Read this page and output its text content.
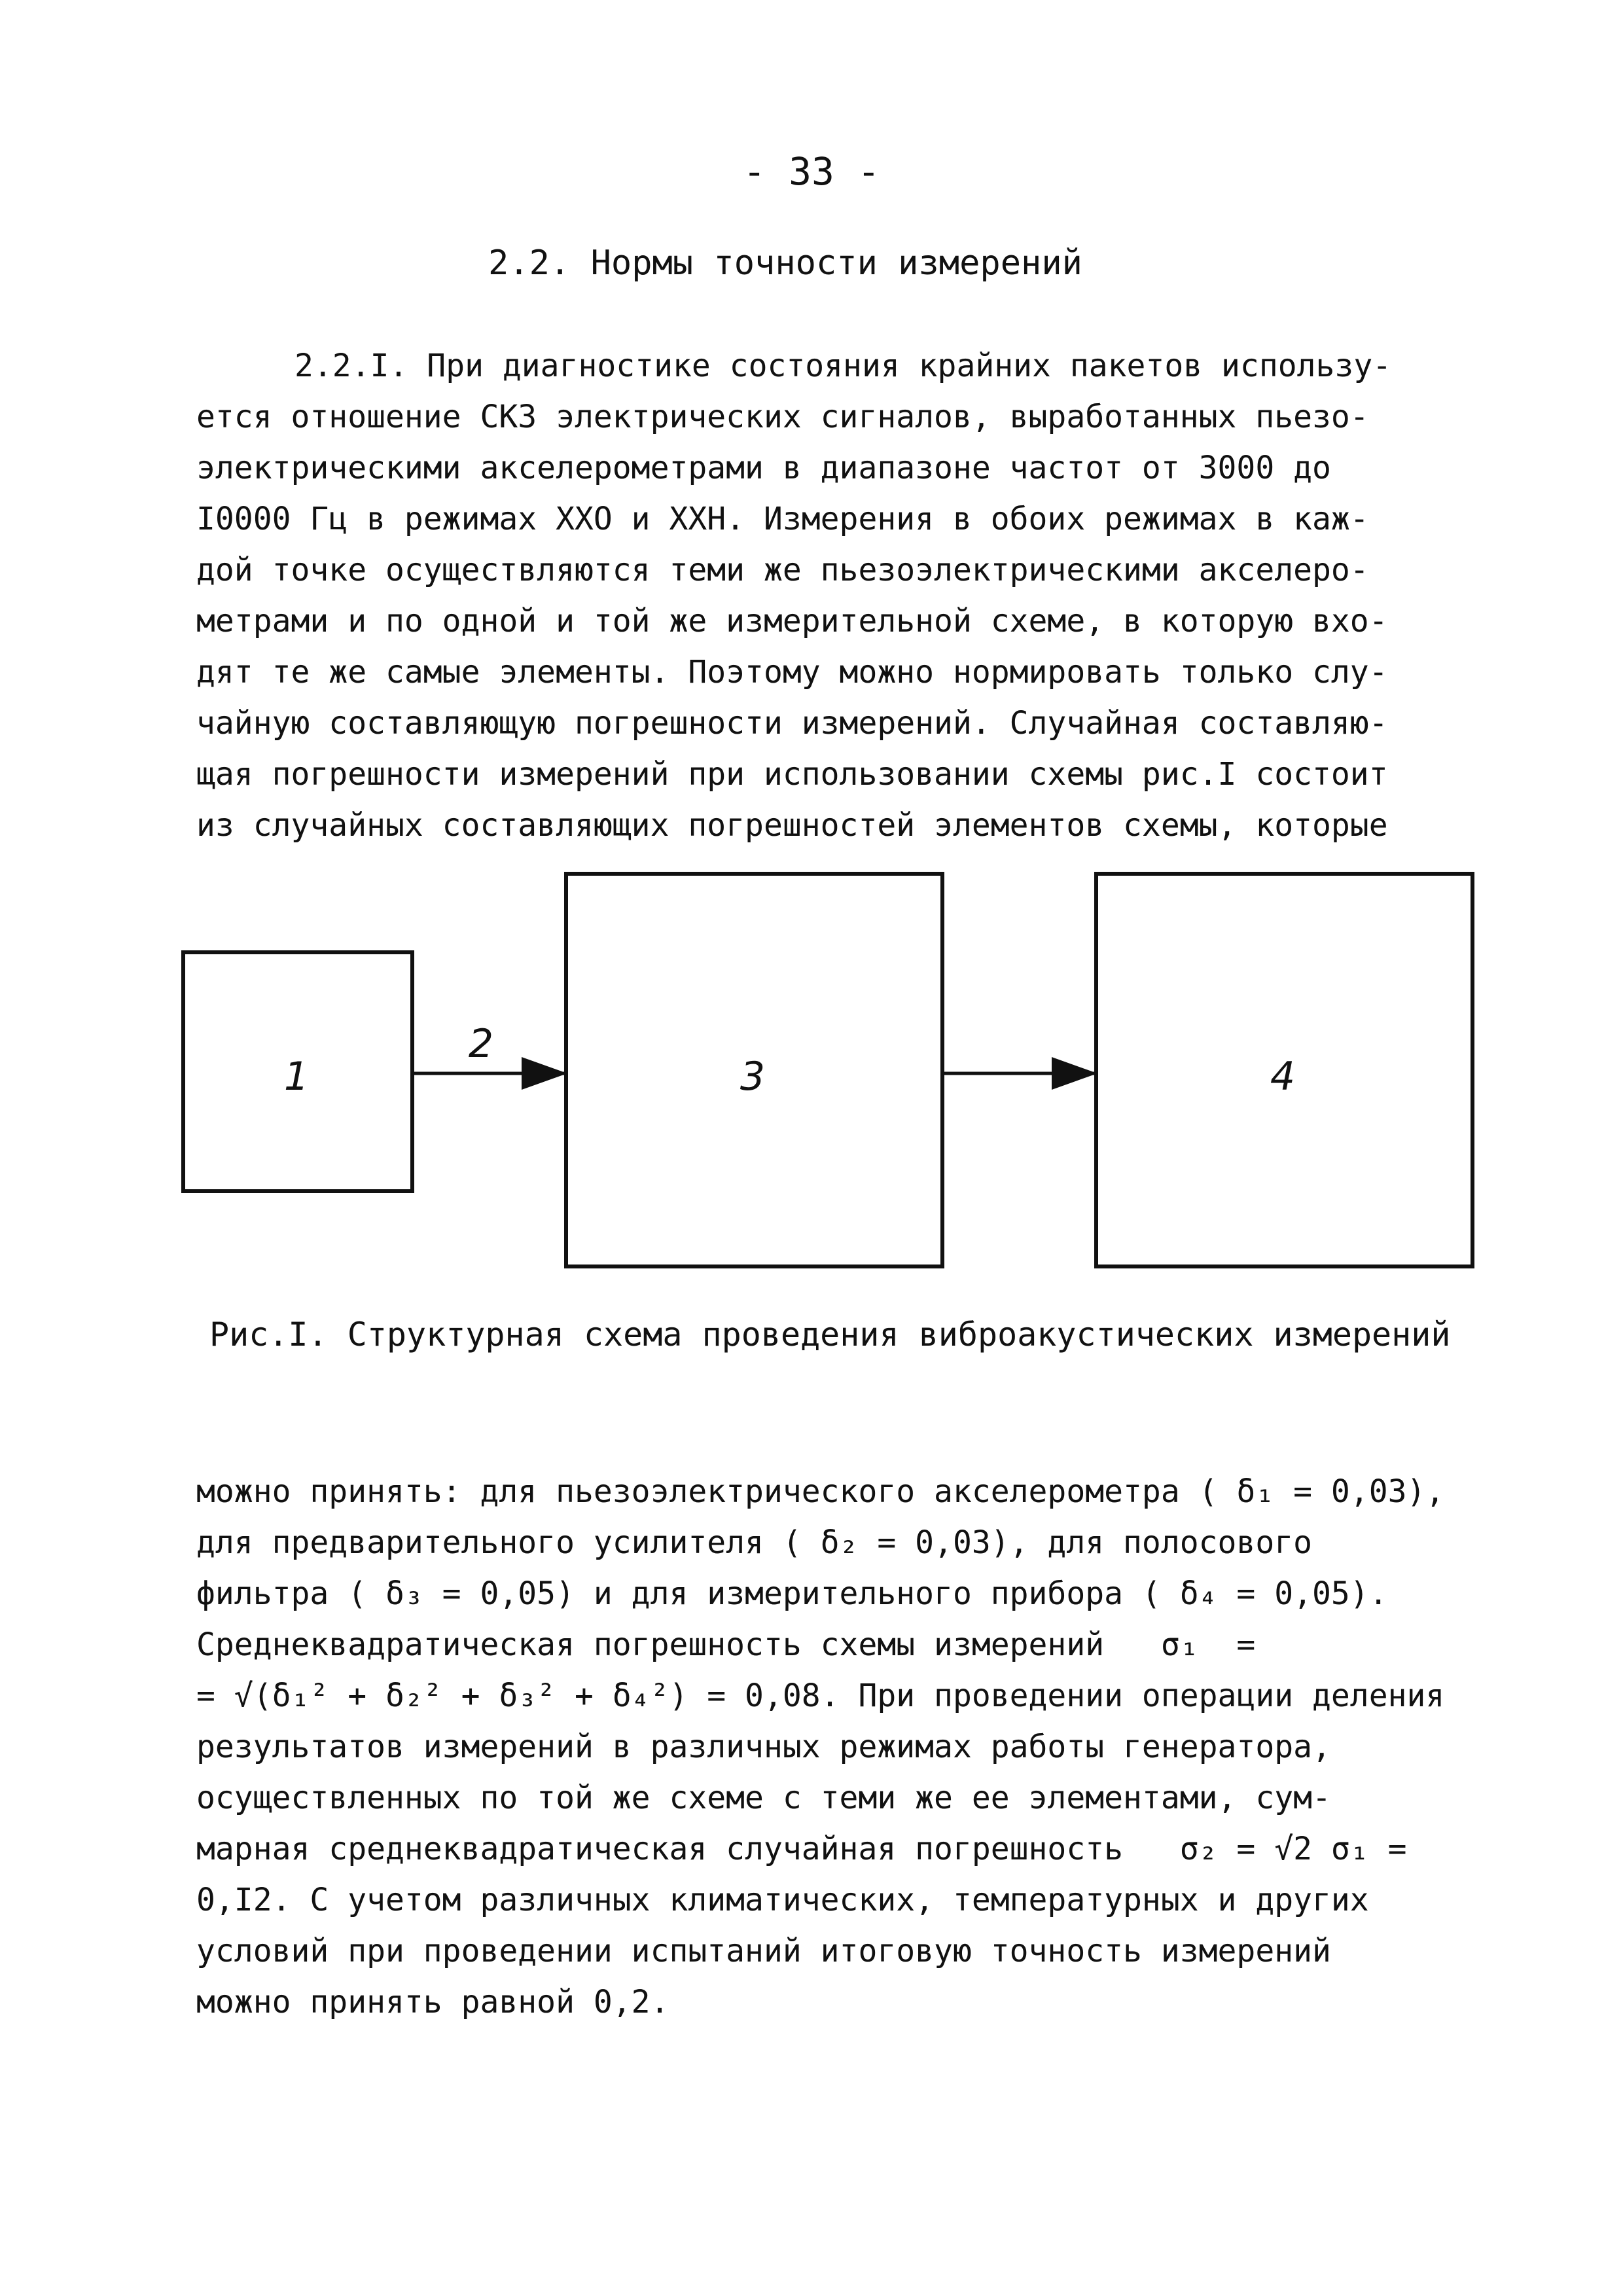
- 33 -
2.2. Нормы точности измерений
2.2.I. При диагностике состояния крайних пакетов использу-
ется отношение СКЗ электрических сигналов, выработанных пьезо-
электрическими акселерометрами в диапазоне частот от 3000 до
I0000 Гц в режимах ХХО и ХХН. Измерения в обоих режимах в каж-
дой точке осуществляются теми же пьезоэлектрическими акселеро-
метрами и по одной и той же измерительной схеме, в которую вхо-
дят те же самые элементы. Поэтому можно нормировать только слу-
чайную составляющую погрешности измерений. Случайная составляю-
щая погрешности измерений при использовании схемы рис.I состоит
из случайных составляющих погрешностей элементов схемы, которые
1
2
3	4
Рис.I. Структурная схема проведения виброакустических измерений
можно принять: для пьезоэлектрического акселерометра ( δ₁ = 0,03),
для предварительного усилителя ( δ₂ = 0,03), для полосового
фильтра ( δ₃ = 0,05) и для измерительного прибора ( δ₄ = 0,05).
Среднеквадратическая погрешность схемы измерений   σ₁  =
= √(δ₁² + δ₂² + δ₃² + δ₄²) = 0,08. При проведении операции деления
результатов измерений в различных режимах работы генератора,
осуществленных по той же схеме с теми же ее элементами, сум-
марная среднеквадратическая случайная погрешность   σ₂ = √2 σ₁ =
0,I2. С учетом различных климатических, температурных и других
условий при проведении испытаний итоговую точность измерений
можно принять равной 0,2.
